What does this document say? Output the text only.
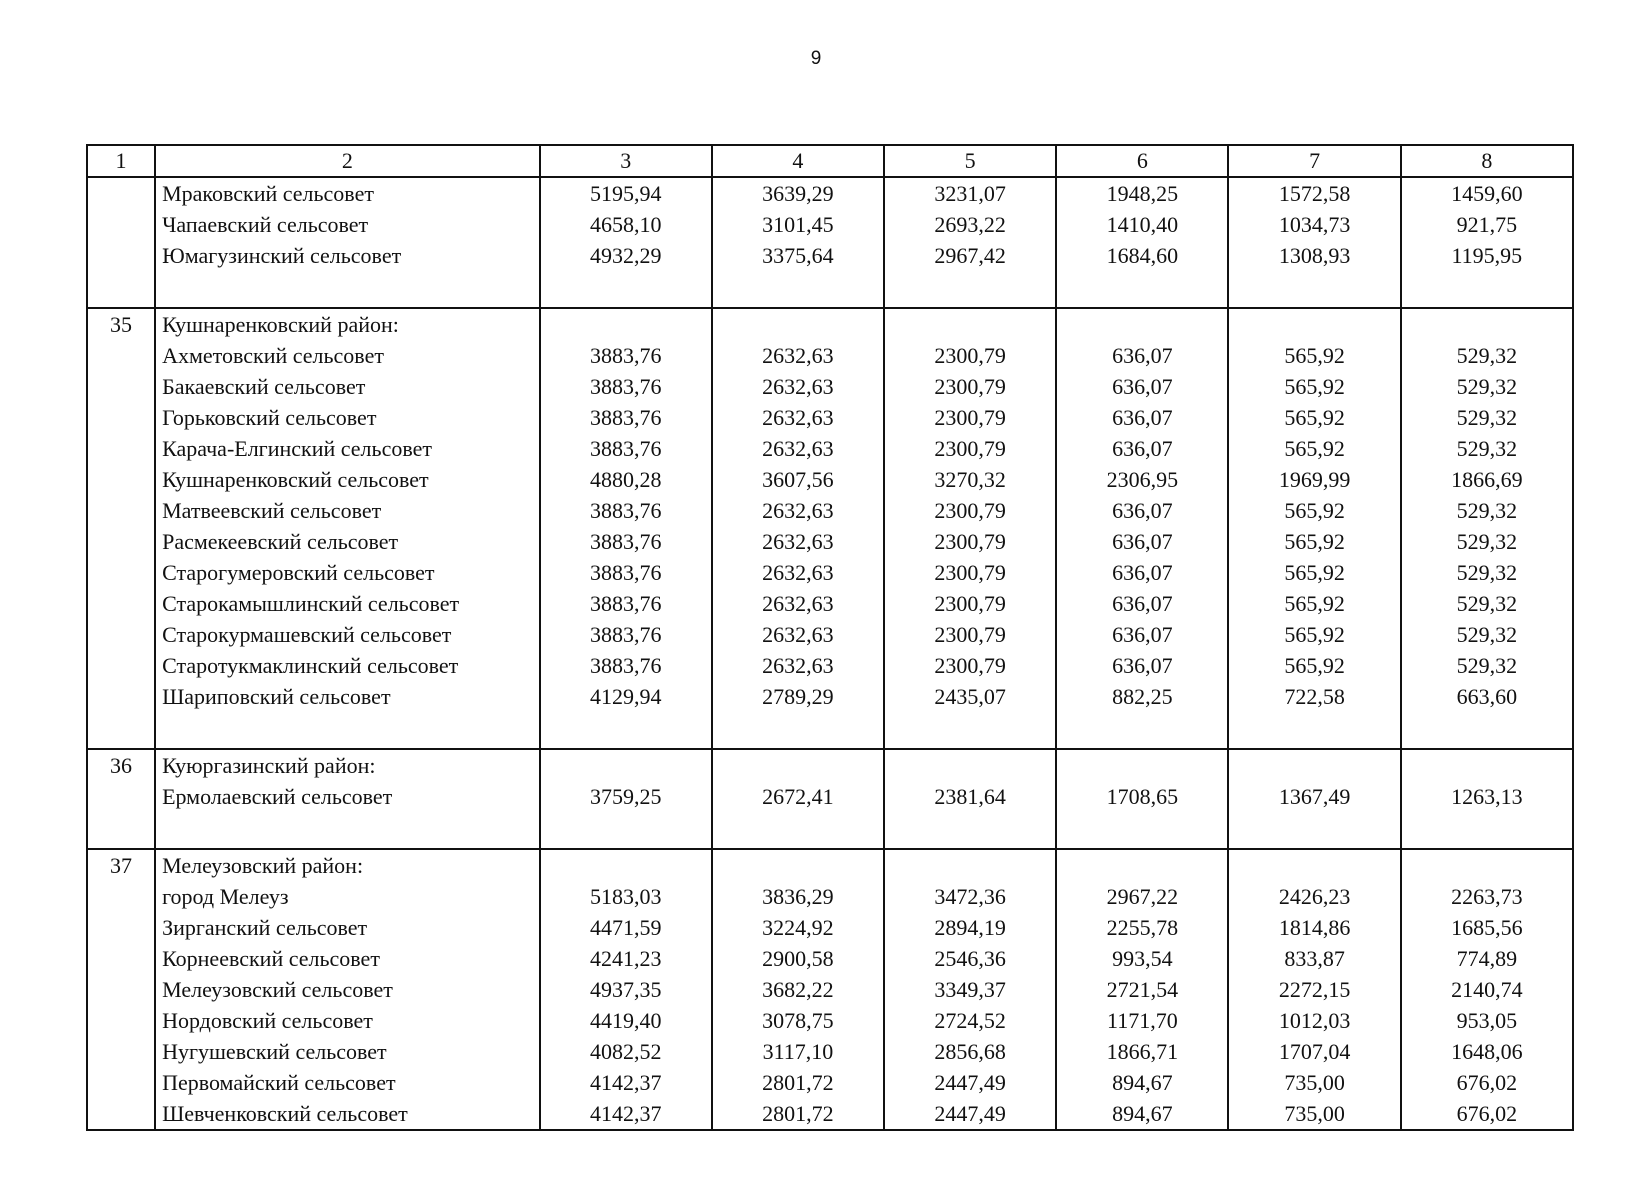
9
1	2	3	4	5	6	7	8
	Мраковский сельсовет	5195,94	3639,29	3231,07	1948,25	1572,58	1459,60
	Чапаевский сельсовет	4658,10	3101,45	2693,22	1410,40	1034,73	921,75
	Юмагузинский сельсовет	4932,29	3375,64	2967,42	1684,60	1308,93	1195,95

35	Кушнаренковский район:						
	Ахметовский сельсовет	3883,76	2632,63	2300,79	636,07	565,92	529,32
	Бакаевский сельсовет	3883,76	2632,63	2300,79	636,07	565,92	529,32
	Горьковский сельсовет	3883,76	2632,63	2300,79	636,07	565,92	529,32
	Карача-Елгинский сельсовет	3883,76	2632,63	2300,79	636,07	565,92	529,32
	Кушнаренковский сельсовет	4880,28	3607,56	3270,32	2306,95	1969,99	1866,69
	Матвеевский сельсовет	3883,76	2632,63	2300,79	636,07	565,92	529,32
	Расмекеевский сельсовет	3883,76	2632,63	2300,79	636,07	565,92	529,32
	Старогумеровский сельсовет	3883,76	2632,63	2300,79	636,07	565,92	529,32
	Старокамышлинский сельсовет	3883,76	2632,63	2300,79	636,07	565,92	529,32
	Старокурмашевский сельсовет	3883,76	2632,63	2300,79	636,07	565,92	529,32
	Старотукмаклинский сельсовет	3883,76	2632,63	2300,79	636,07	565,92	529,32
	Шариповский сельсовет	4129,94	2789,29	2435,07	882,25	722,58	663,60

36	Куюргазинский район:						
	Ермолаевский сельсовет	3759,25	2672,41	2381,64	1708,65	1367,49	1263,13

37	Мелеузовский район:						
	город Мелеуз	5183,03	3836,29	3472,36	2967,22	2426,23	2263,73
	Зирганский сельсовет	4471,59	3224,92	2894,19	2255,78	1814,86	1685,56
	Корнеевский сельсовет	4241,23	2900,58	2546,36	993,54	833,87	774,89
	Мелеузовский сельсовет	4937,35	3682,22	3349,37	2721,54	2272,15	2140,74
	Нордовский сельсовет	4419,40	3078,75	2724,52	1171,70	1012,03	953,05
	Нугушевский сельсовет	4082,52	3117,10	2856,68	1866,71	1707,04	1648,06
	Первомайский сельсовет	4142,37	2801,72	2447,49	894,67	735,00	676,02
	Шевченковский сельсовет	4142,37	2801,72	2447,49	894,67	735,00	676,02
